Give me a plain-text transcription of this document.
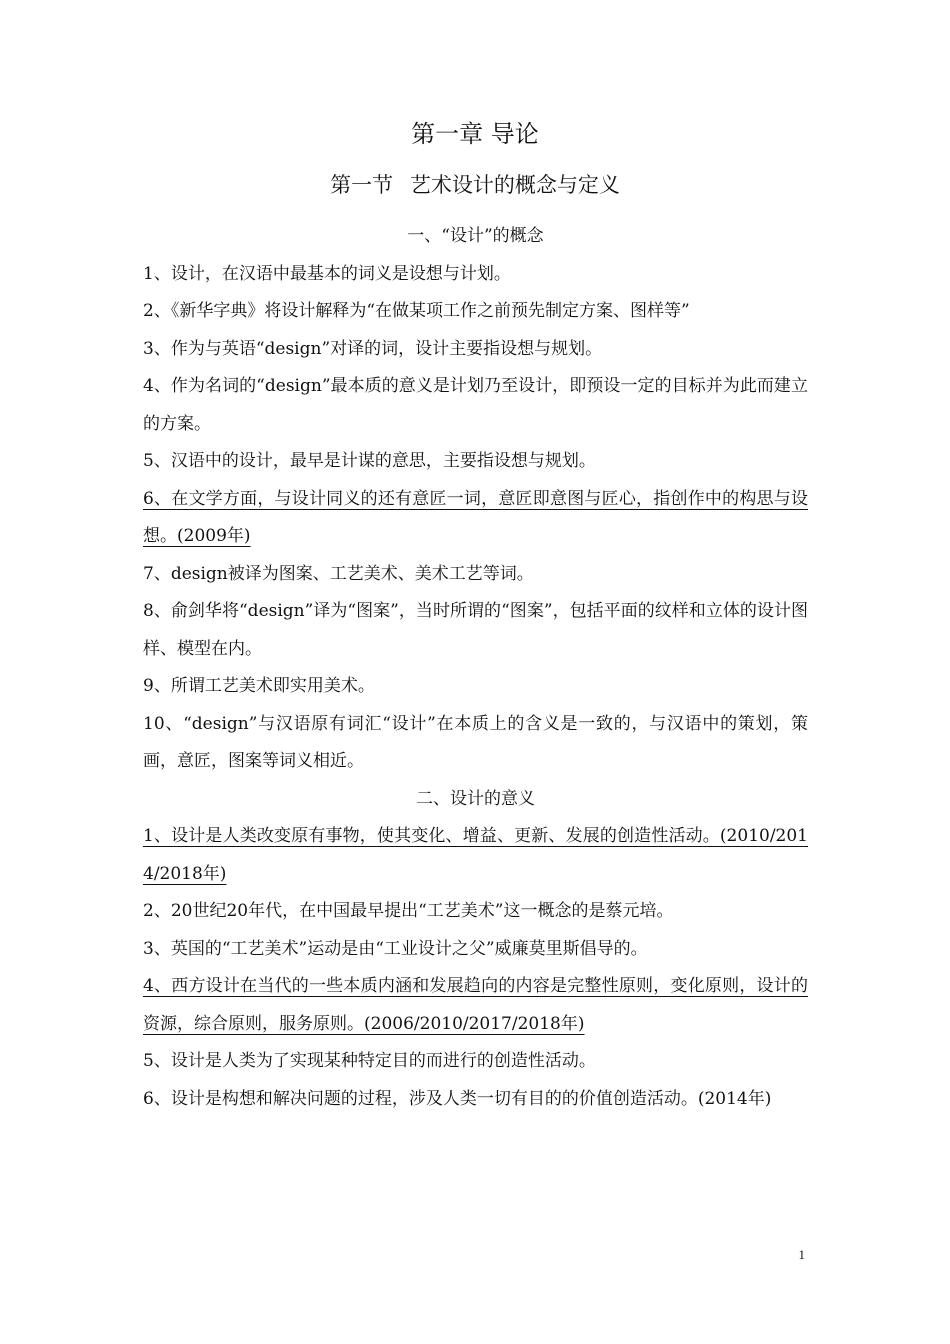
第一章 导论
第一节 艺术设计的概念与定义
一、“设计”的概念

1、设计，在汉语中最基本的词义是设想与计划。

2、《新华字典》将设计解释为“在做某项工作之前预先制定方案、图样等”

3、作为与英语“design”对译的词，设计主要指设想与规划。

4、作为名词的“design”最本质的意义是计划乃至设计，即预设一定的目标并为此而建立的方案。

5、汉语中的设计，最早是计谋的意思，主要指设想与规划。

6、在文学方面，与设计同义的还有意匠一词，意匠即意图与匠心，指创作中的构思与设想。(2009年)

7、design被译为图案、工艺美术、美术工艺等词。

8、俞剑华将“design”译为“图案”，当时所谓的“图案”，包括平面的纹样和立体的设计图样、模型在内。

9、所谓工艺美术即实用美术。

10、“design”与汉语原有词汇“设计”在本质上的含义是一致的，与汉语中的策划，策画，意匠，图案等词义相近。

二、设计的意义

1、设计是人类改变原有事物，使其变化、增益、更新、发展的创造性活动。(2010/2014/2018年)

2、20世纪20年代，在中国最早提出“工艺美术”这一概念的是蔡元培。

3、英国的“工艺美术”运动是由“工业设计之父”威廉莫里斯倡导的。

4、西方设计在当代的一些本质内涵和发展趋向的内容是完整性原则，变化原则，设计的资源，综合原则，服务原则。(2006/2010/2017/2018年)

5、设计是人类为了实现某种特定目的而进行的创造性活动。

6、设计是构想和解决问题的过程，涉及人类一切有目的的价值创造活动。(2014年)

1
